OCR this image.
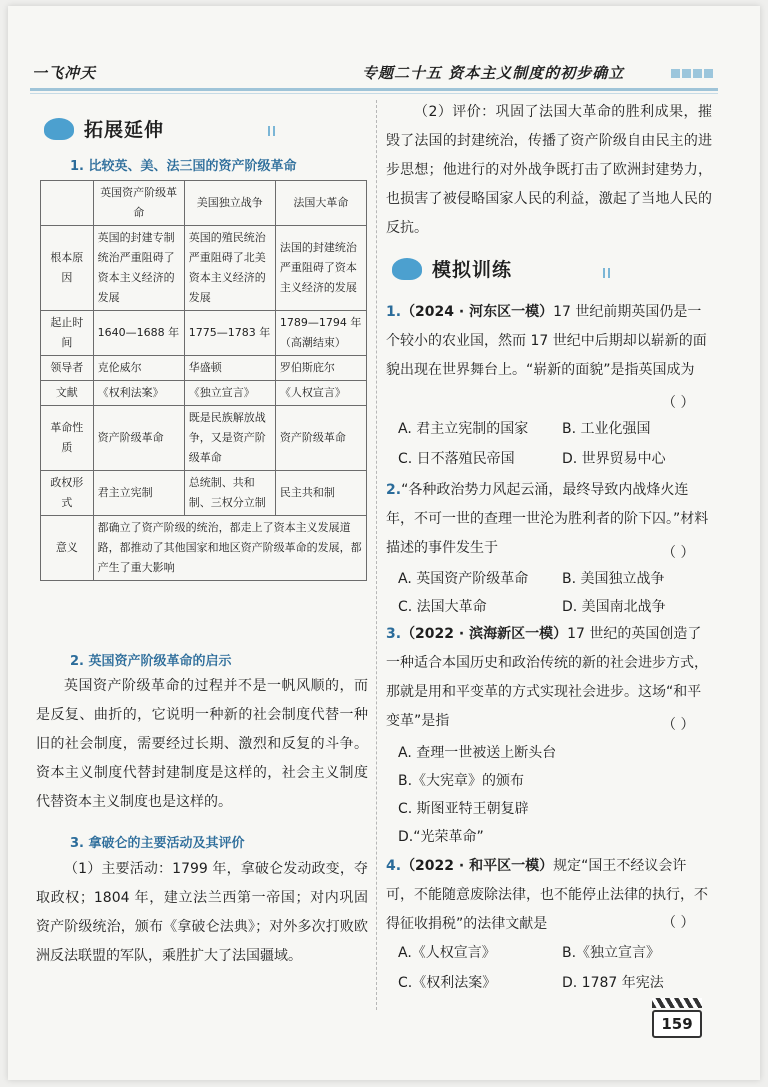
一飞冲天	专题二十五 资本主义制度的初步确立
拓展延伸
1. 比较英、美、法三国的资产阶级革命
	英国资产阶级革命	美国独立战争	法国大革命
根本原因	英国的封建专制统治严重阻碍了资本主义经济的发展	英国的殖民统治严重阻碍了北美资本主义经济的发展	法国的封建统治严重阻碍了资本主义经济的发展
起止时间	1640—1688 年	1775—1783 年	1789—1794 年（高潮结束）
领导者	克伦威尔	华盛顿	罗伯斯庇尔
文献	《权利法案》	《独立宣言》	《人权宣言》
革命性质	资产阶级革命	既是民族解放战争，又是资产阶级革命	资产阶级革命
政权形式	君主立宪制	总统制、共和制、三权分立制	民主共和制
意义	都确立了资产阶级的统治，都走上了资本主义发展道路，都推动了其他国家和地区资产阶级革命的发展，都产生了重大影响		
2. 英国资产阶级革命的启示
英国资产阶级革命的过程并不是一帆风顺的，而是反复、曲折的，它说明一种新的社会制度代替一种旧的社会制度，需要经过长期、激烈和反复的斗争。资本主义制度代替封建制度是这样的，社会主义制度代替资本主义制度也是这样的。
3. 拿破仑的主要活动及其评价
（1）主要活动：1799 年，拿破仑发动政变，夺取政权；1804 年，建立法兰西第一帝国；对内巩固资产阶级统治，颁布《拿破仑法典》；对外多次打败欧洲反法联盟的军队，乘胜扩大了法国疆域。
（2）评价：巩固了法国大革命的胜利成果，摧毁了法国的封建统治，传播了资产阶级自由民主的进步思想；他进行的对外战争既打击了欧洲封建势力，也损害了被侵略国家人民的利益，激起了当地人民的反抗。
模拟训练
1.（2024 · 河东区一模）17 世纪前期英国仍是一个较小的农业国，然而 17 世纪中后期却以崭新的面貌出现在世界舞台上。“崭新的面貌”是指英国成为
（ ）
A. 君主立宪制的国家 B. 工业化强国
C. 日不落殖民帝国	D. 世界贸易中心
2.“各种政治势力风起云涌，最终导致内战烽火连年，不可一世的查理一世沦为胜利者的阶下囚。”材料描述的事件发生于	（ ）
A. 英国资产阶级革命 B. 美国独立战争
C. 法国大革命	D. 美国南北战争
3.（2022 · 滨海新区一模）17 世纪的英国创造了一种适合本国历史和政治传统的新的社会进步方式，那就是用和平变革的方式实现社会进步。这场“和平变革”是指	（ ）
A. 查理一世被送上断头台
B.《大宪章》的颁布
C. 斯图亚特王朝复辟
D.“光荣革命”
4.（2022 · 和平区一模）规定“国王不经议会许可，不能随意废除法律，也不能停止法律的执行，不得征收捐税”的法律文献是	（ ）
A.《人权宣言》	B.《独立宣言》
C.《权利法案》	D. 1787 年宪法
159
